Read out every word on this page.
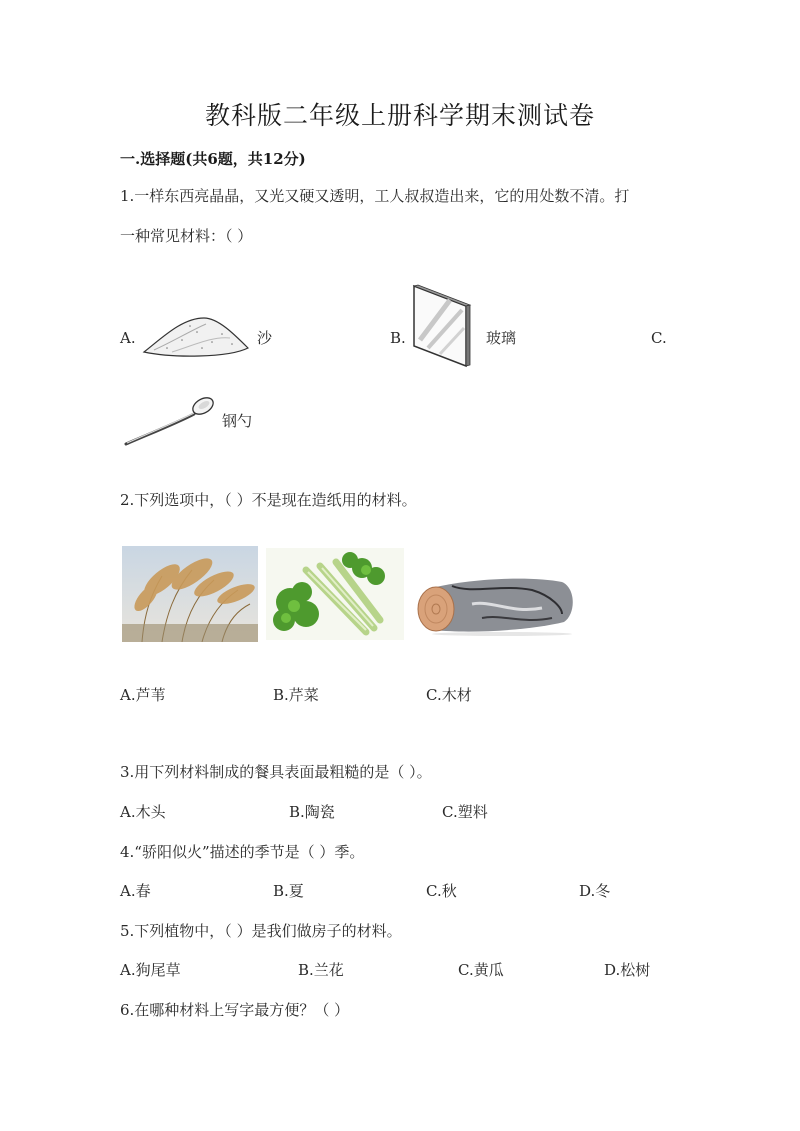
教科版二年级上册科学期末测试卷
一.选择题(共6题，共12分)
1.一样东西亮晶晶，又光又硬又透明，工人叔叔造出来，它的用处数不清。打
一种常见材料：（ ）
A.	沙	B.	玻璃	C.
钢勺
2.下列选项中，（ ）不是现在造纸用的材料。
A.芦苇	B.芹菜	C.木材
3.用下列材料制成的餐具表面最粗糙的是（ ）。
A.木头	B.陶瓷	C.塑料
4.“骄阳似火”描述的季节是（ ）季。
A.春	B.夏	C.秋	D.冬
5.下列植物中，（ ）是我们做房子的材料。
A.狗尾草	B.兰花	C.黄瓜	D.松树
6.在哪种材料上写字最方便？（ ）
